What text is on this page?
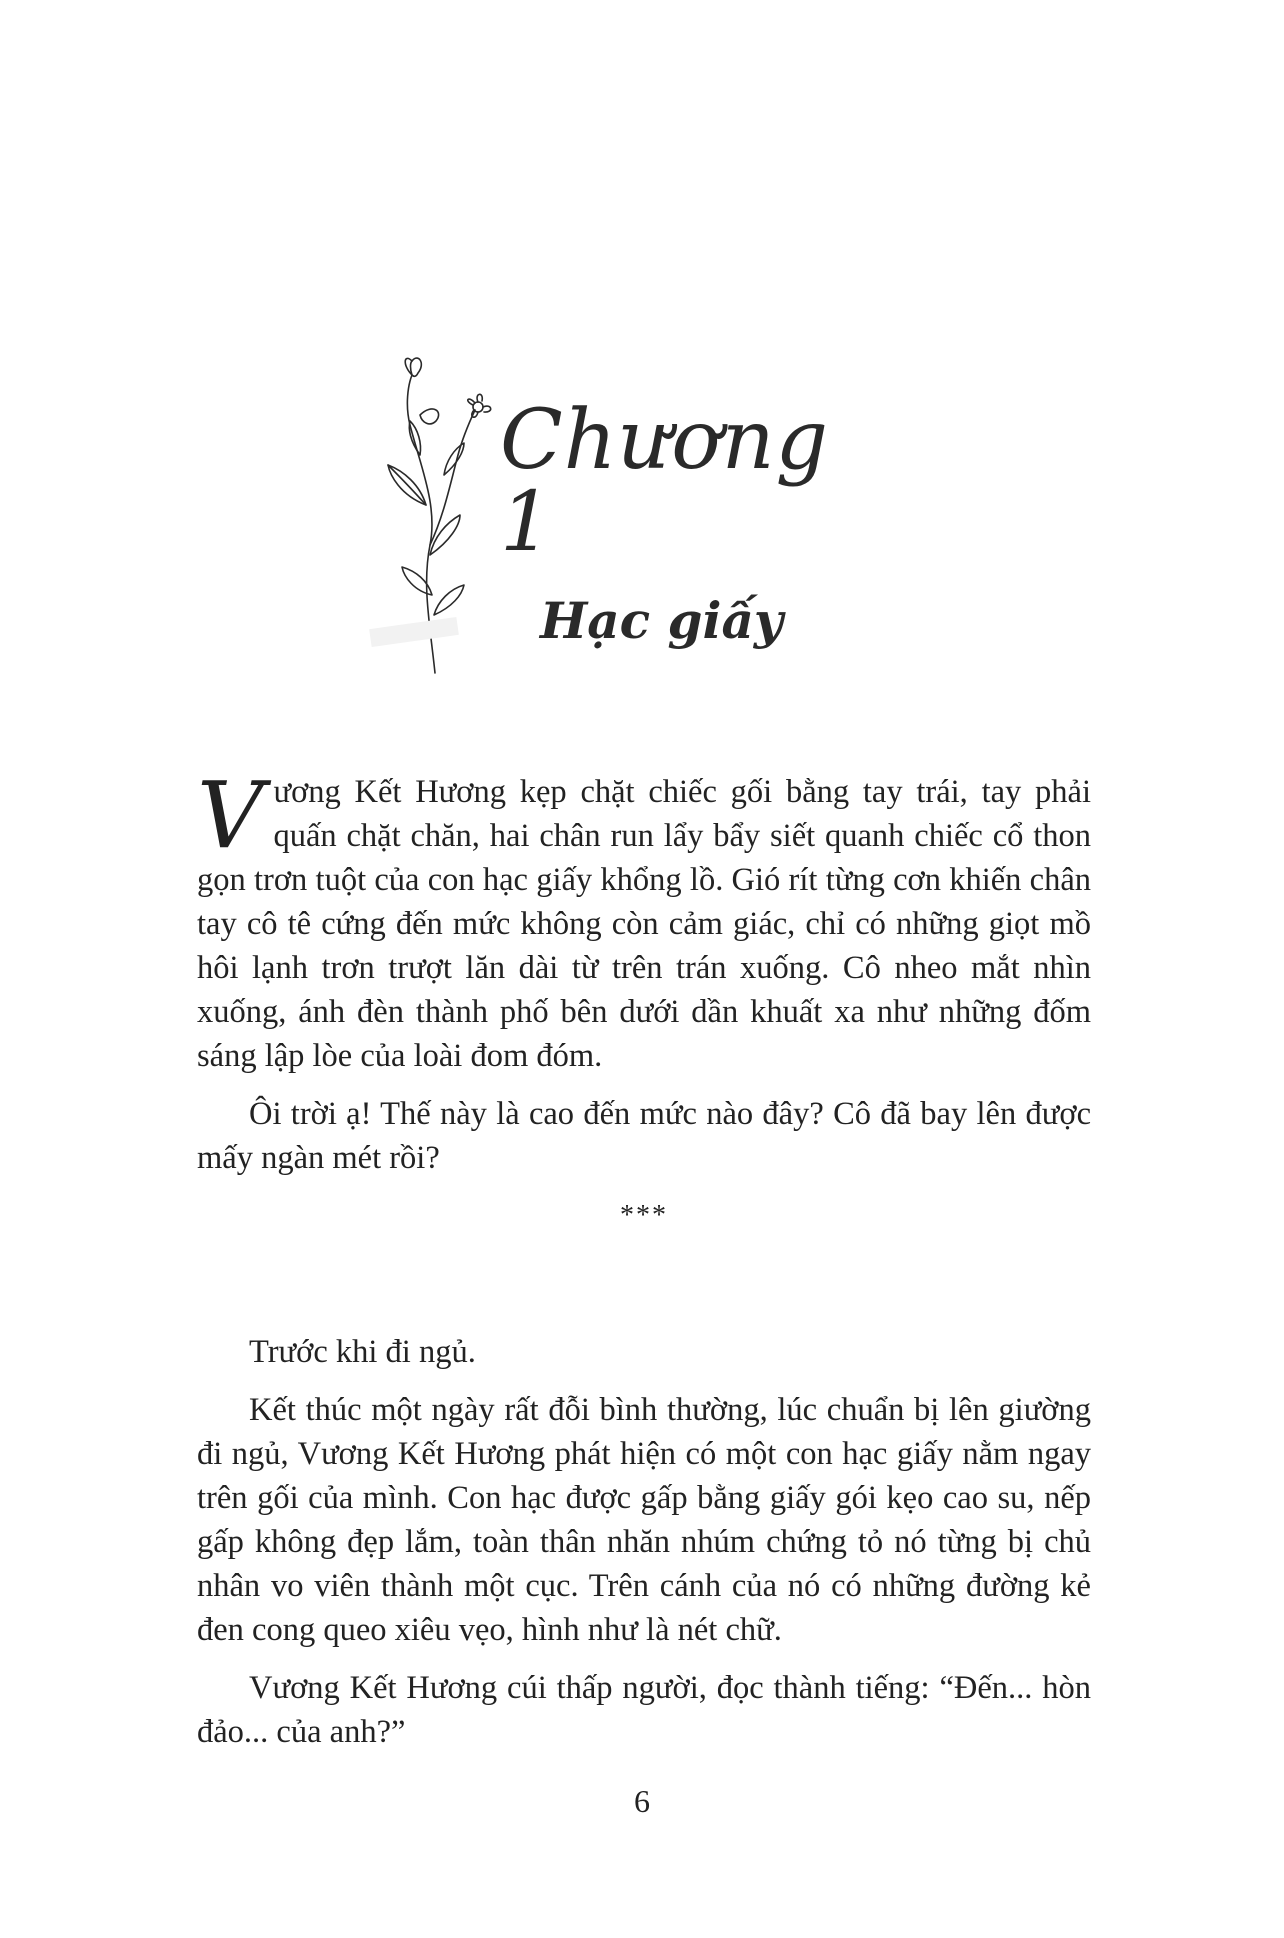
Chương 1
Hạc giấy

Vương Kết Hương kẹp chặt chiếc gối bằng tay trái, tay phải quấn chặt chăn, hai chân run lẩy bẩy siết quanh chiếc cổ thon gọn trơn tuột của con hạc giấy khổng lồ. Gió rít từng cơn khiến chân tay cô tê cứng đến mức không còn cảm giác, chỉ có những giọt mồ hôi lạnh trơn trượt lăn dài từ trên trán xuống. Cô nheo mắt nhìn xuống, ánh đèn thành phố bên dưới dần khuất xa như những đốm sáng lập lòe của loài đom đóm.

Ôi trời ạ! Thế này là cao đến mức nào đây? Cô đã bay lên được mấy ngàn mét rồi?

***

Trước khi đi ngủ.

Kết thúc một ngày rất đỗi bình thường, lúc chuẩn bị lên giường đi ngủ, Vương Kết Hương phát hiện có một con hạc giấy nằm ngay trên gối của mình. Con hạc được gấp bằng giấy gói kẹo cao su, nếp gấp không đẹp lắm, toàn thân nhăn nhúm chứng tỏ nó từng bị chủ nhân vo viên thành một cục. Trên cánh của nó có những đường kẻ đen cong queo xiêu vẹo, hình như là nét chữ.

Vương Kết Hương cúi thấp người, đọc thành tiếng: “Đến... hòn đảo... của anh?”

6
